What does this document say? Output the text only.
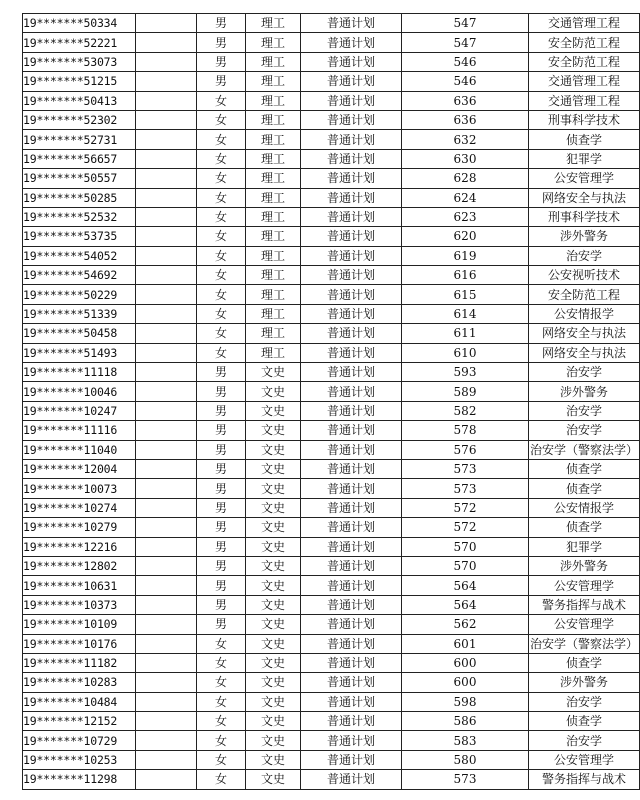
19*******50334		男	理工	普通计划	547	交通管理工程
19*******52221		男	理工	普通计划	547	安全防范工程
19*******53073		男	理工	普通计划	546	安全防范工程
19*******51215		男	理工	普通计划	546	交通管理工程
19*******50413		女	理工	普通计划	636	交通管理工程
19*******52302		女	理工	普通计划	636	刑事科学技术
19*******52731		女	理工	普通计划	632	侦查学
19*******56657		女	理工	普通计划	630	犯罪学
19*******50557		女	理工	普通计划	628	公安管理学
19*******50285		女	理工	普通计划	624	网络安全与执法
19*******52532		女	理工	普通计划	623	刑事科学技术
19*******53735		女	理工	普通计划	620	涉外警务
19*******54052		女	理工	普通计划	619	治安学
19*******54692		女	理工	普通计划	616	公安视听技术
19*******50229		女	理工	普通计划	615	安全防范工程
19*******51339		女	理工	普通计划	614	公安情报学
19*******50458		女	理工	普通计划	611	网络安全与执法
19*******51493		女	理工	普通计划	610	网络安全与执法
19*******11118		男	文史	普通计划	593	治安学
19*******10046		男	文史	普通计划	589	涉外警务
19*******10247		男	文史	普通计划	582	治安学
19*******11116		男	文史	普通计划	578	治安学
19*******11040		男	文史	普通计划	576	治安学（警察法学）
19*******12004		男	文史	普通计划	573	侦查学
19*******10073		男	文史	普通计划	573	侦查学
19*******10274		男	文史	普通计划	572	公安情报学
19*******10279		男	文史	普通计划	572	侦查学
19*******12216		男	文史	普通计划	570	犯罪学
19*******12802		男	文史	普通计划	570	涉外警务
19*******10631		男	文史	普通计划	564	公安管理学
19*******10373		男	文史	普通计划	564	警务指挥与战术
19*******10109		男	文史	普通计划	562	公安管理学
19*******10176		女	文史	普通计划	601	治安学（警察法学）
19*******11182		女	文史	普通计划	600	侦查学
19*******10283		女	文史	普通计划	600	涉外警务
19*******10484		女	文史	普通计划	598	治安学
19*******12152		女	文史	普通计划	586	侦查学
19*******10729		女	文史	普通计划	583	治安学
19*******10253		女	文史	普通计划	580	公安管理学
19*******11298		女	文史	普通计划	573	警务指挥与战术
